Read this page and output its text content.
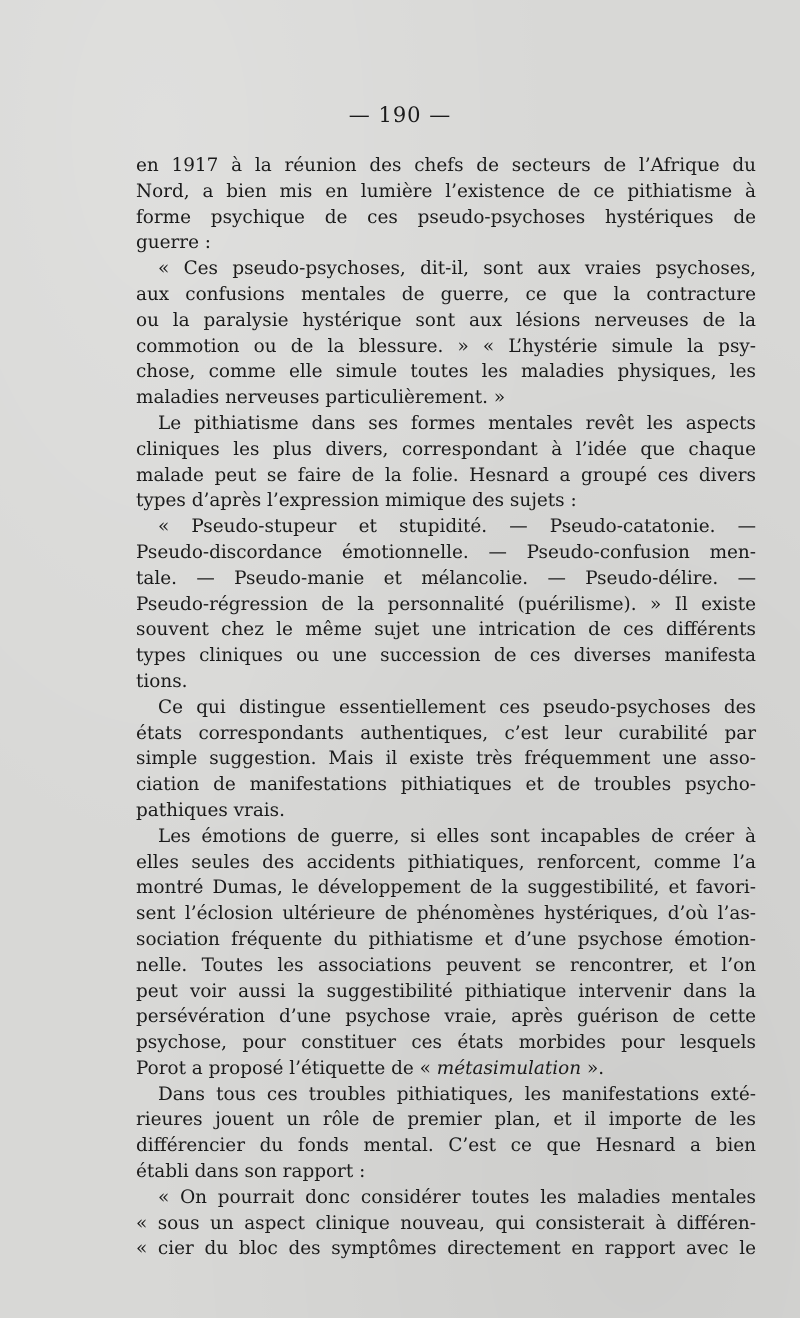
— 190 —
en 1917 à la réunion des chefs de secteurs de l’Afrique du
Nord, a bien mis en lumière l’existence de ce pithiatisme à
forme psychique de ces pseudo-psychoses hystériques de
guerre :
« Ces pseudo-psychoses, dit-il, sont aux vraies psychoses,
aux confusions mentales de guerre, ce que la contracture
ou la paralysie hystérique sont aux lésions nerveuses de la
commotion ou de la blessure. » « L’hystérie simule la psy-
chose, comme elle simule toutes les maladies physiques, les
maladies nerveuses particulièrement. »
Le pithiatisme dans ses formes mentales revêt les aspects
cliniques les plus divers, correspondant à l’idée que chaque
malade peut se faire de la folie. Hesnard a groupé ces divers
types d’après l’expression mimique des sujets :
« Pseudo-stupeur et stupidité. — Pseudo-catatonie. —
Pseudo-discordance émotionnelle. — Pseudo-confusion men-
tale. — Pseudo-manie et mélancolie. — Pseudo-délire. —
Pseudo-régression de la personnalité (puérilisme). » Il existe
souvent chez le même sujet une intrication de ces différents
types cliniques ou une succession de ces diverses manifesta
tions.
Ce qui distingue essentiellement ces pseudo-psychoses des
états correspondants authentiques, c’est leur curabilité par
simple suggestion. Mais il existe très fréquemment une asso-
ciation de manifestations pithiatiques et de troubles psycho-
pathiques vrais.
Les émotions de guerre, si elles sont incapables de créer à
elles seules des accidents pithiatiques, renforcent, comme l’a
montré Dumas, le développement de la suggestibilité, et favori-
sent l’éclosion ultérieure de phénomènes hystériques, d’où l’as-
sociation fréquente du pithiatisme et d’une psychose émotion-
nelle. Toutes les associations peuvent se rencontrer, et l’on
peut voir aussi la suggestibilité pithiatique intervenir dans la
persévération d’une psychose vraie, après guérison de cette
psychose, pour constituer ces états morbides pour lesquels
Porot a proposé l’étiquette de « métasimulation ».
Dans tous ces troubles pithiatiques, les manifestations exté-
rieures jouent un rôle de premier plan, et il importe de les
différencier du fonds mental. C’est ce que Hesnard a bien
établi dans son rapport :
« On pourrait donc considérer toutes les maladies mentales
« sous un aspect clinique nouveau, qui consisterait à différen-
« cier du bloc des symptômes directement en rapport avec le
